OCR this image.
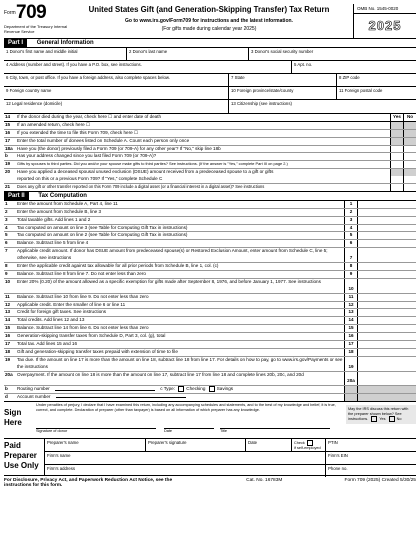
Form 709
Department of the Treasury Internal Revenue Service
United States Gift (and Generation-Skipping Transfer) Tax Return
Go to www.irs.gov/Form709 for instructions and the latest information.
(For gifts made during calendar year 2025)
OMB No. 1545-0020
2025
Part I General Information
1 Donor's first name and middle initial	2 Donor's last name	3 Donor's social security number
4 Address (number and street). If you have a P.O. box, see instructions.	5 Apt. no.
6 City, town, or post office. If you have a foreign address, also complete spaces below.	7 State	8 ZIP code
9 Foreign country name	10 Foreign province/state/county	11 Foreign postal code
12 Legal residence (domicile)	13 Citizenship (see instructions)
14	If the donor died during the year, check here ☐ and enter date of death	Yes	No
15	If an amended return, check here ☐
16	If you extended the time to file this Form 709, check here ☐
17	Enter the total number of donees listed on Schedule A. Count each person only once
18a Have you (the donor) previously filed a Form 709 (or 709-A) for any other year? If "No," skip line 18b
b	Has your address changed since you last filed Form 709 (or 709-A)?
19	Gifts by spouses to third parties. Did you and/or your spouse make gifts to third parties? See instructions. (If the answer is "Yes," complete Part III on page 2.)
20	Have you applied a deceased spousal unused exclusion (DSUE) amount received from a predeceased spouse to a gift or gifts
reported on this or a previous Form 709? If "Yes," complete Schedule C
21	Does any gift or other transfer reported on this Form 709 include a digital asset (or a financial interest in a digital asset)? See instructions
Part II Tax Computation
1	Enter the amount from Schedule A, Part 4, line 11	1
2	Enter the amount from Schedule B, line 3	2
3	Total taxable gifts. Add lines 1 and 2	3
4	Tax computed on amount on line 3 (see Table for Computing Gift Tax in instructions)	4
5	Tax computed on amount on line 2 (see Table for Computing Gift Tax in instructions)	5
6	Balance. Subtract line 5 from line 4	6
7	Applicable credit amount. If donor has DSUE amount from predeceased spouse(s) or Restored Exclusion Amount, enter amount from Schedule C, line 5; otherwise, see instructions	7
8	Enter the applicable credit against tax allowable for all prior periods from Schedule B, line 1, col. (c)	8
9	Balance. Subtract line 8 from line 7. Do not enter less than zero	9
10	Enter 20% (0.20) of the amount allowed as a specific exemption for gifts made after September 8, 1976, and before January 1, 1977. See instructions
10
11	Balance. Subtract line 10 from line 9. Do not enter less than zero	11
12	Applicable credit. Enter the smaller of line 6 or line 11	12
13	Credit for foreign gift taxes. See instructions	13
14	Total credits. Add lines 12 and 13	14
15	Balance. Subtract line 14 from line 6. Do not enter less than zero	15
16	Generation-skipping transfer taxes from Schedule D, Part 3, col. (g), total	16
17	Total tax. Add lines 15 and 16	17
18	Gift and generation-skipping transfer taxes prepaid with extension of time to file	18
19	Tax due. If the amount on line 17 is more than the amount on line 18, subtract line 18 from line 17. For details on how to pay, go to www.irs.gov/Payments or see the instructions	19
20a Overpayment. If the amount on line 18 is more than the amount on line 17, subtract line 17 from line 18 and complete lines 20b, 20c, and 20d
20a
b	Routing number	c Type: Checking Savings
d	Account number
Sign Here
Under penalties of perjury, I declare that I have examined this return, including any accompanying schedules and statements, and to the best of my knowledge and belief, it is true, correct, and complete. Declaration of preparer (other than taxpayer) is based on all information of which preparer has any knowledge.
Signature of donor	Date	Title
May the IRS discuss this return with the preparer shown below? See instructions.	Yes	No
Paid Preparer Use Only
Preparer's name	Preparer's signature	Date	Check
if self-employed
PTIN
Firm's name	Firm's EIN
Firm's address	Phone no.
For Disclosure, Privacy Act, and Paperwork Reduction Act Notice, see the instructions for this form.
Cat. No. 16783M	Form 709 (2025) Created 5/30/25
